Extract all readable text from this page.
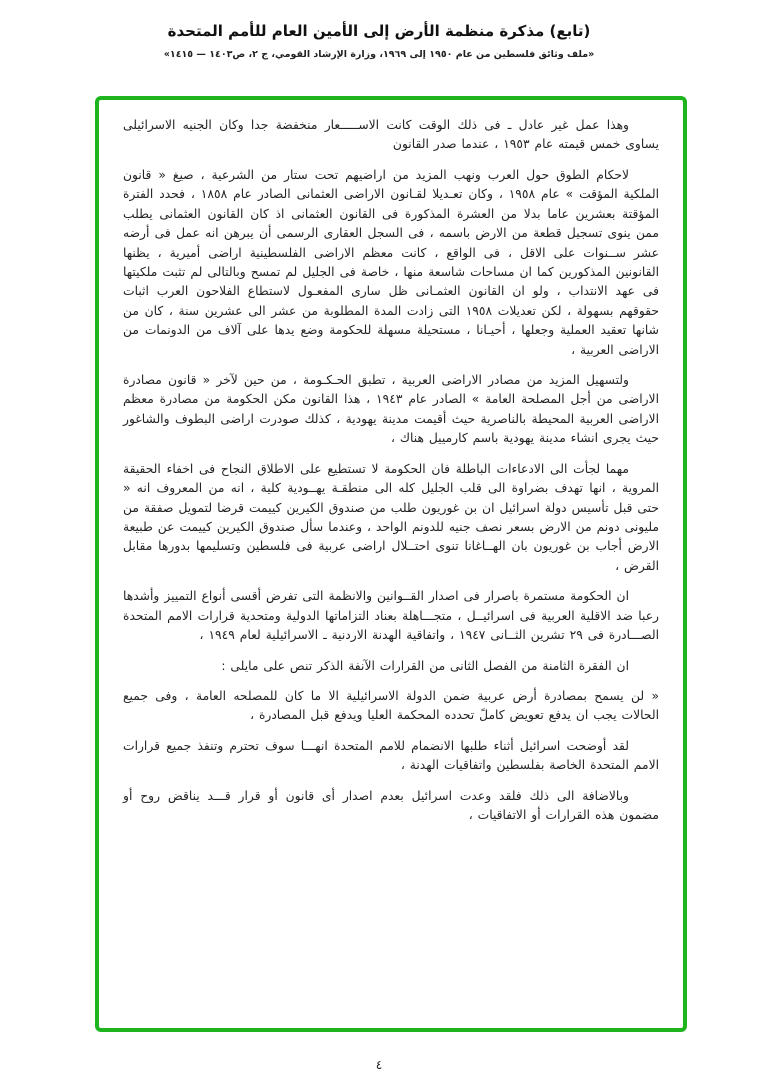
(تابع) مذكرة منظمة الأرض إلى الأمين العام للأمم المتحدة
«ملف وثائق فلسطين من عام ١٩٥٠ إلى ١٩٦٩، وزارة الإرشاد القومي، ج ٢، ص١٤٠٣ — ١٤١٥»

وهذا عمل غير عادل ـ فى ذلك الوقت كانت الاســـــعار منخفضة جدا وكان الجنيه الاسرائيلى يساوى خمس قيمته عام ١٩٥٣ ، عندما صدر القانون

لاحكام الطوق حول العرب ونهب المزيد من اراضيهم تحت ستار من الشرعية ، صيغ « قانون الملكية المؤقت » عام ١٩٥٨ ، وكان تعـديلا لقـانون الاراضى العثمانى الصادر عام ١٨٥٨ ، فحدد الفترة المؤقتة بعشرين عاما بدلا من العشرة المذكورة فى القانون العثمانى اذ كان القانون العثمانى يطلب ممن ينوى تسجيل قطعة من الارض باسمه ، فى السجل العقارى الرسمى أن يبرهن انه عمل فى أرضه عشر ســنوات على الاقل ، فى الواقع ، كانت معظم الاراضى الفلسطينية اراضى أميرية ، يظنها القانونين المذكورين كما ان مساحات شاسعة منها ، خاصة فى الجليل لم تمسح وبالتالى لم تثبت ملكيتها فى عهد الانتداب ، ولو ان القانون العثمـانى ظل سارى المفعـول لاستطاع الفلاحون العرب اثبات حقوقهم بسهولة ، لكن تعديلات ١٩٥٨ التى زادت المدة المطلوبة من عشر الى عشرين سنة ، كان من شانها تعقيد العملية وجعلها ، أحيـانا ، مستحيلة مسهلة للحكومة وضع يدها على آلاف من الدونمات من الاراضى العربية ،

ولتسهيل المزيد من مصادر الاراضى العربية ، تطبق الحـكـومة ، من حين لآخر « قانون مصادرة الاراضى من أجل المصلحة العامة » الصادر عام ١٩٤٣ ، هذا القانون مكن الحكومة من مصادرة معظم الاراضى العربية المحيطة بالناصرية حيث أقيمت مدينة يهودية ، كذلك صودرت اراضى البطوف والشاغور حيث يجرى انشاء مدينة يهودية باسم كارمييل هناك ،

مهما لجأت الى الادعاءات الباطلة فان الحكومة لا تستطيع على الاطلاق النجاح فى اخفاء الحقيقة المروية ، انها تهدف بضراوة الى قلب الجليل كله الى منطقـة يهــودية كلية ، انه من المعروف انه « حتى قبل تأسيس دولة اسرائيل ان بن غوريون طلب من صندوق الكيرين كييمت قرضا لتمويل صفقة من مليونى دونم من الارض بسعر نصف جنيه للدونم الواحد ، وعندما سأل صندوق الكيرين كييمت عن طبيعة الارض أجاب بن غوريون بان الهــاغانا تنوى احتــلال اراضى عربية فى فلسطين وتسليمها بدورها مقابل القرض ،

ان الحكومة مستمرة باصرار فى اصدار القــوانين والانظمة التى تفرض أقسى أنواع التمييز وأشدها رعبا ضد الاقلية العربية فى اسرائيــل ، متجـــاهلة بعناد التزاماتها الدولية ومتحدية قرارات الامم المتحدة الصـــادرة فى ٢٩ تشرين الثــانى ١٩٤٧ ، واتفاقية الهدنة الاردنية ـ الاسرائيلية لعام ١٩٤٩ ،

ان الفقرة الثامنة من الفصل الثانى من القرارات الآنفة الذكر تنص على مايلى :

« لن يسمح بمصادرة أرض عربية ضمن الدولة الاسرائيلية الا ما كان للمصلحه العامة ، وفى جميع الحالات يجب ان يدفع تعويض كاملً تحدده المحكمة العليا ويدفع قبل المصادرة ،

لقد أوضحت اسرائيل أثناء طلبها الانضمام للامم المتحدة انهـــا سوف تحترم وتنفذ جميع قرارات الامم المتحدة الخاصة بفلسطين واتفاقيات الهدنة ،

وبالاضافة الى ذلك فلقد وعدت اسرائيل بعدم اصدار أى قانون أو قرار قـــد يناقض روح أو مضمون هذه القرارات أو الاتفاقيات ،

٤
